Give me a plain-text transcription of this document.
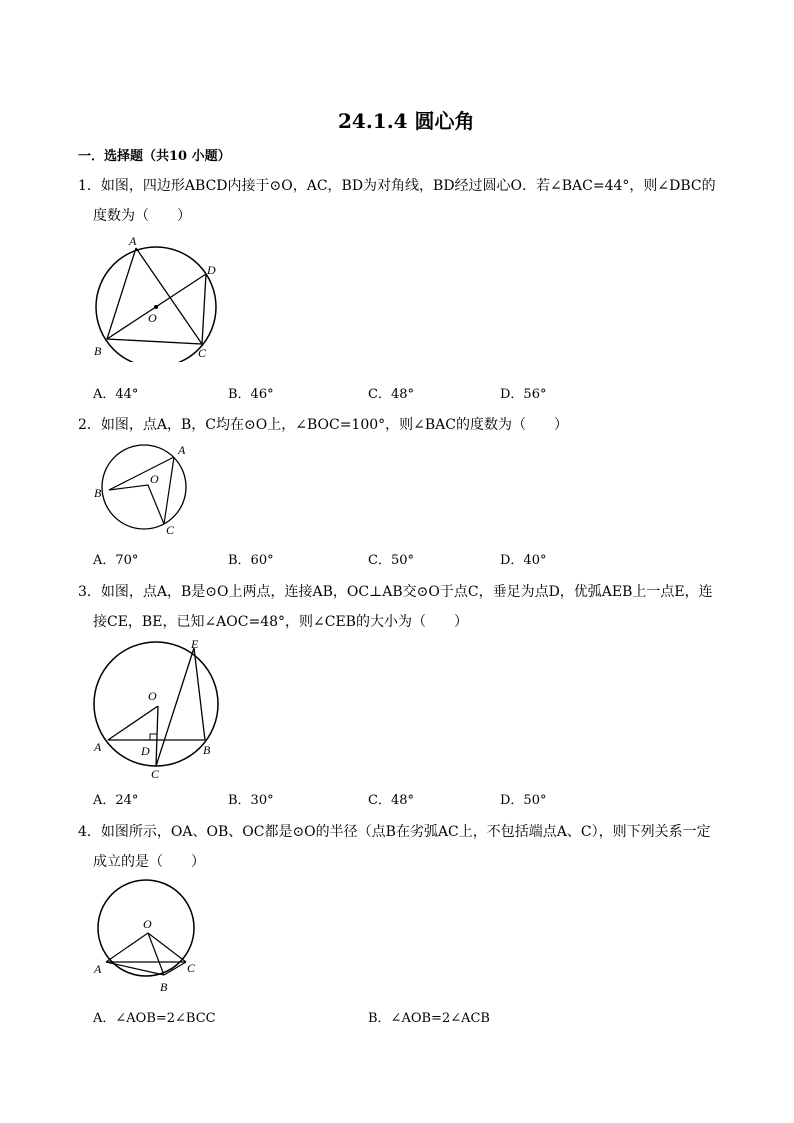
24.1.4 圆心角
一．选择题（共10 小题）
1．如图，四边形ABCD内接于⊙O，AC，BD为对角线，BD经过圆心O．若∠BAC=44°，则∠DBC的
度数为（　　）
A
D
O
B	C
A．44°	B．46°	C．48°	D．56°
2．如图，点A，B，C均在⊙O上，∠BOC=100°，则∠BAC的度数为（　　）
A
O
B
C
A．70°	B．60°	C．50°	D．40°
3．如图，点A，B是⊙O上两点，连接AB，OC⊥AB交⊙O于点C，垂足为点D，优弧AEB上一点E，连
接CE，BE，已知∠AOC=48°，则∠CEB的大小为（　　）
E
O
A	D	B
C
A．24°	B．30°	C．48°	D．50°
4．如图所示，OA、OB、OC都是⊙O的半径（点B在劣弧AC上，不包括端点A、C），则下列关系一定
成立的是（　　）
O
A	C
B
A．∠AOB=2∠BCC	B．∠AOB=2∠ACB
